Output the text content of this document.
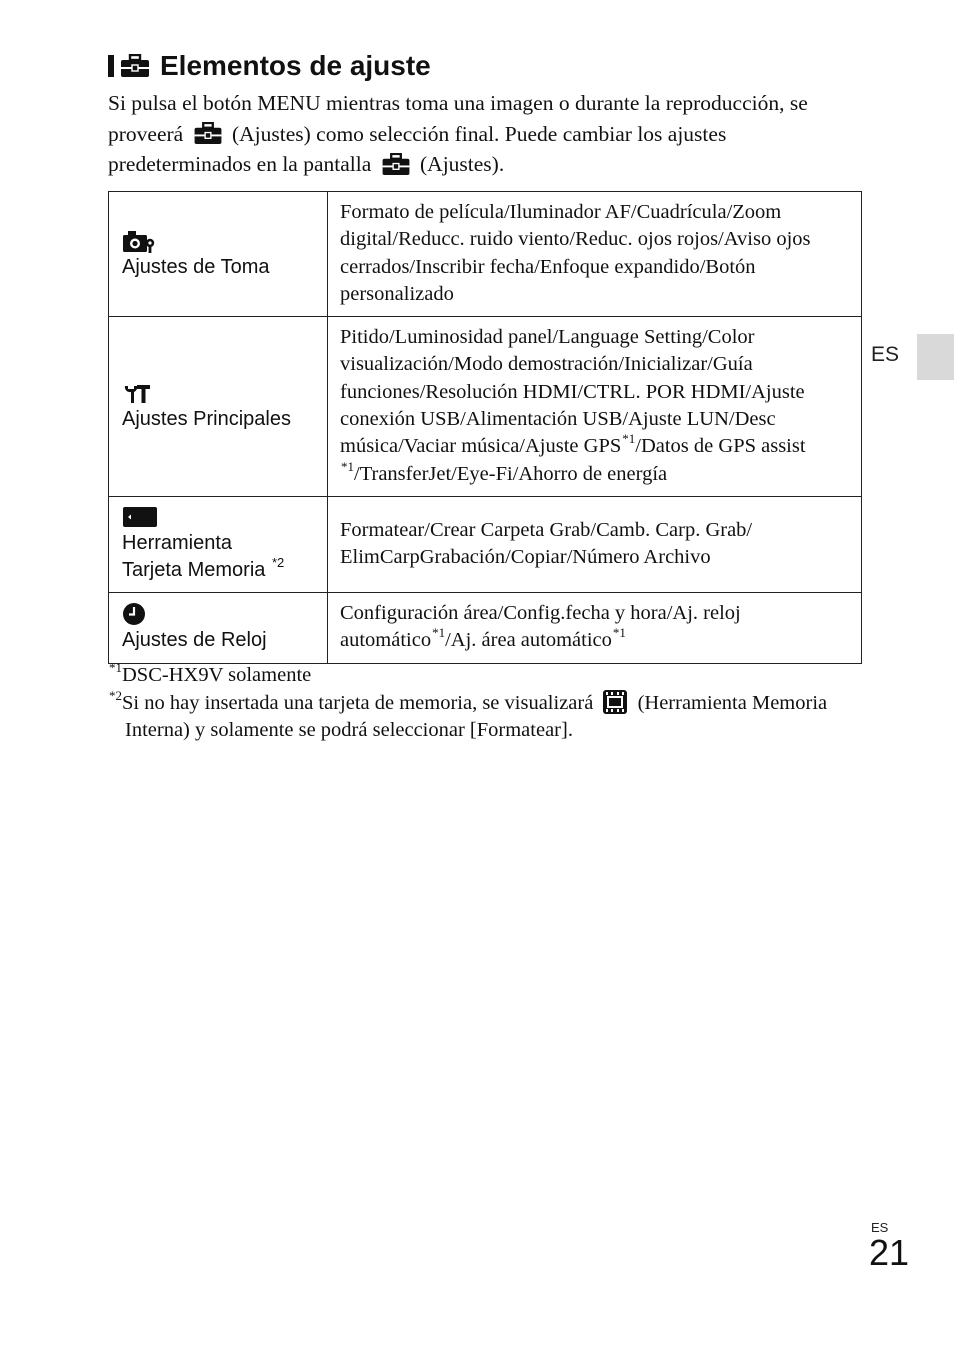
Elementos de ajuste
Si pulsa el botón MENU mientras toma una imagen o durante la reproducción, se proveerá (Ajustes) como selección final. Puede cambiar los ajustes predeterminados en la pantalla (Ajustes).
Ajustes de Toma	Formato de película/Iluminador AF/Cuadrícula/Zoom digital/Reducc. ruido viento/Reduc. ojos rojos/Aviso ojos cerrados/Inscribir fecha/Enfoque expandido/Botón personalizado

Ajustes Principales	Pitido/Luminosidad panel/Language Setting/Color visualización/Modo demostración/Inicializar/Guía funciones/Resolución HDMI/CTRL. POR HDMI/Ajuste conexión USB/Alimentación USB/Ajuste LUN/Desc música/Vaciar música/Ajuste GPS$^{*1}$/Datos de GPS assist $^{*1}$/TransferJet/Eye-Fi/Ahorro de energía

Herramienta
Tarjeta Memoria $^{*2}$	Formatear/Crear Carpeta Grab/Camb. Carp. Grab/ ElimCarpGrabación/Copiar/Número Archivo

Ajustes de Reloj	Configuración área/Config.fecha y hora/Aj. reloj automático$^{*1}$/Aj. área automático$^{*1}$
$^{*1}$DSC-HX9V solamente
$^{*2}$Si no hay insertada una tarjeta de memoria, se visualizará (Herramienta Memoria Interna) y solamente se podrá seleccionar [Formatear].
ES
ES
21
